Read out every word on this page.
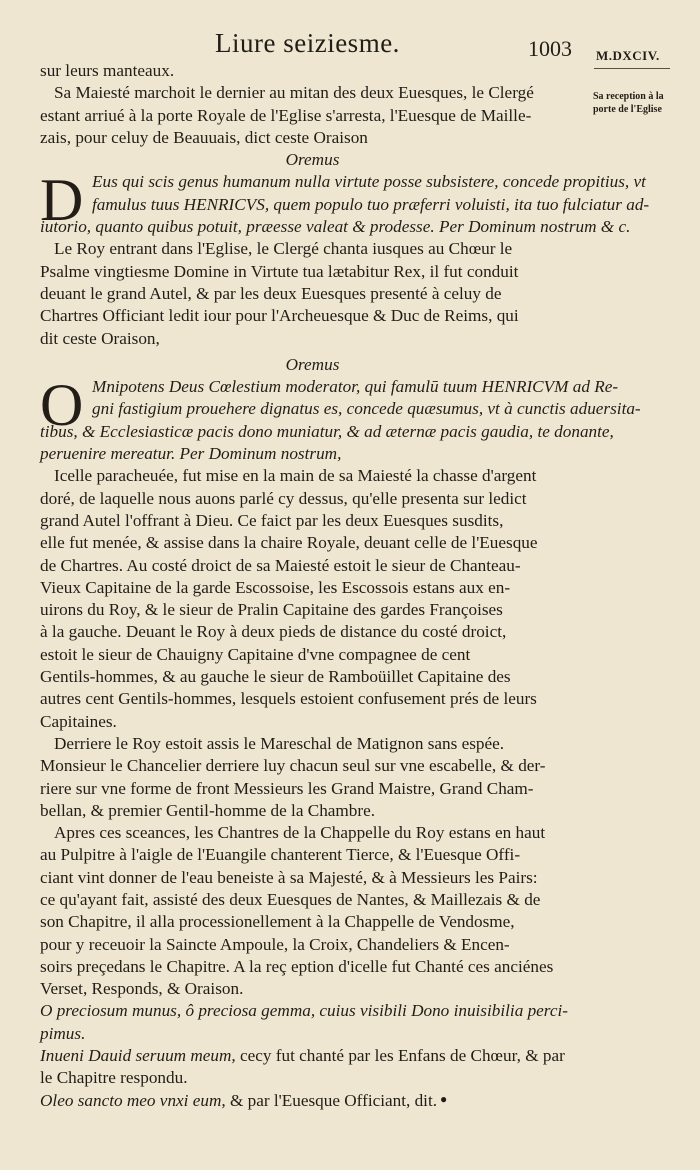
Liure seiziesme.	1003 M.DXCIV.
Sa reception à la
porte de l'Eglise
sur leurs manteaux.
Sa Maiesté marchoit le dernier au mitan des deux Euesques, le Clergé
estant arriué à la porte Royale de l'Eglise s'arresta, l'Euesque de Maille-
zais, pour celuy de Beauuais, dict ceste Oraison
Oremus
D Eus qui scis genus humanum nulla virtute posse subsistere, concede propitius, vt
famulus tuus HENRICVS, quem populo tuo præferri voluisti, ita tuo fulciatur ad-
iutorio, quanto quibus potuit, præesse valeat & prodesse. Per Dominum nostrum & c.
Le Roy entrant dans l'Eglise, le Clergé chanta iusques au Chœur le
Psalme vingtiesme Domine in Virtute tua lætabitur Rex, il fut conduit
deuant le grand Autel, & par les deux Euesques presenté à celuy de
Chartres Officiant ledit iour pour l'Archeuesque & Duc de Reims, qui
dit ceste Oraison,
Oremus
O Mnipotens Deus Cœlestium moderator, qui famulū tuum HENRICVM ad Re-
gni fastigium prouehere dignatus es, concede quæsumus, vt à cunctis aduersita-
tibus, & Ecclesiasticæ pacis dono muniatur, & ad æternæ pacis gaudia, te donante,
peruenire mereatur. Per Dominum nostrum,
Icelle paracheuée, fut mise en la main de sa Maiesté la chasse d'argent
doré, de laquelle nous auons parlé cy dessus, qu'elle presenta sur ledict
grand Autel l'offrant à Dieu. Ce faict par les deux Euesques susdits,
elle fut menée, & assise dans la chaire Royale, deuant celle de l'Euesque
de Chartres. Au costé droict de sa Maiesté estoit le sieur de Chanteau-
Vieux Capitaine de la garde Escossoise, les Escossois estans aux en-
uirons du Roy, & le sieur de Pralin Capitaine des gardes Françoises
à la gauche. Deuant le Roy à deux pieds de distance du costé droict,
estoit le sieur de Chauigny Capitaine d'vne compagnee de cent
Gentils-hommes, & au gauche le sieur de Ramboüillet Capitaine des
autres cent Gentils-hommes, lesquels estoient confusement prés de leurs
Capitaines.
Derriere le Roy estoit assis le Mareschal de Matignon sans espée.
Monsieur le Chancelier derriere luy chacun seul sur vne escabelle, & der-
riere sur vne forme de front Messieurs les Grand Maistre, Grand Cham-
bellan, & premier Gentil-homme de la Chambre.
Apres ces sceances, les Chantres de la Chappelle du Roy estans en haut
au Pulpitre à l'aigle de l'Euangile chanterent Tierce, & l'Euesque Offi-
ciant vint donner de l'eau beneiste à sa Majesté, & à Messieurs les Pairs:
ce qu'ayant fait, assisté des deux Euesques de Nantes, & Maillezais & de
son Chapitre, il alla processionellement à la Chappelle de Vendosme,
pour y receuoir la Saincte Ampoule, la Croix, Chandeliers & Encen-
soirs preçedans le Chapitre. A la reç eption d'icelle fut Chanté ces anciénes
Verset, Responds, & Oraison.
O preciosum munus, ô preciosa gemma, cuius visibili Dono inuisibilia perci-
pimus.
Inueni Dauid seruum meum, cecy fut chanté par les Enfans de Chœur, & par
le Chapitre respondu.
Oleo sancto meo vnxi eum, & par l'Euesque Officiant, dit. ●
